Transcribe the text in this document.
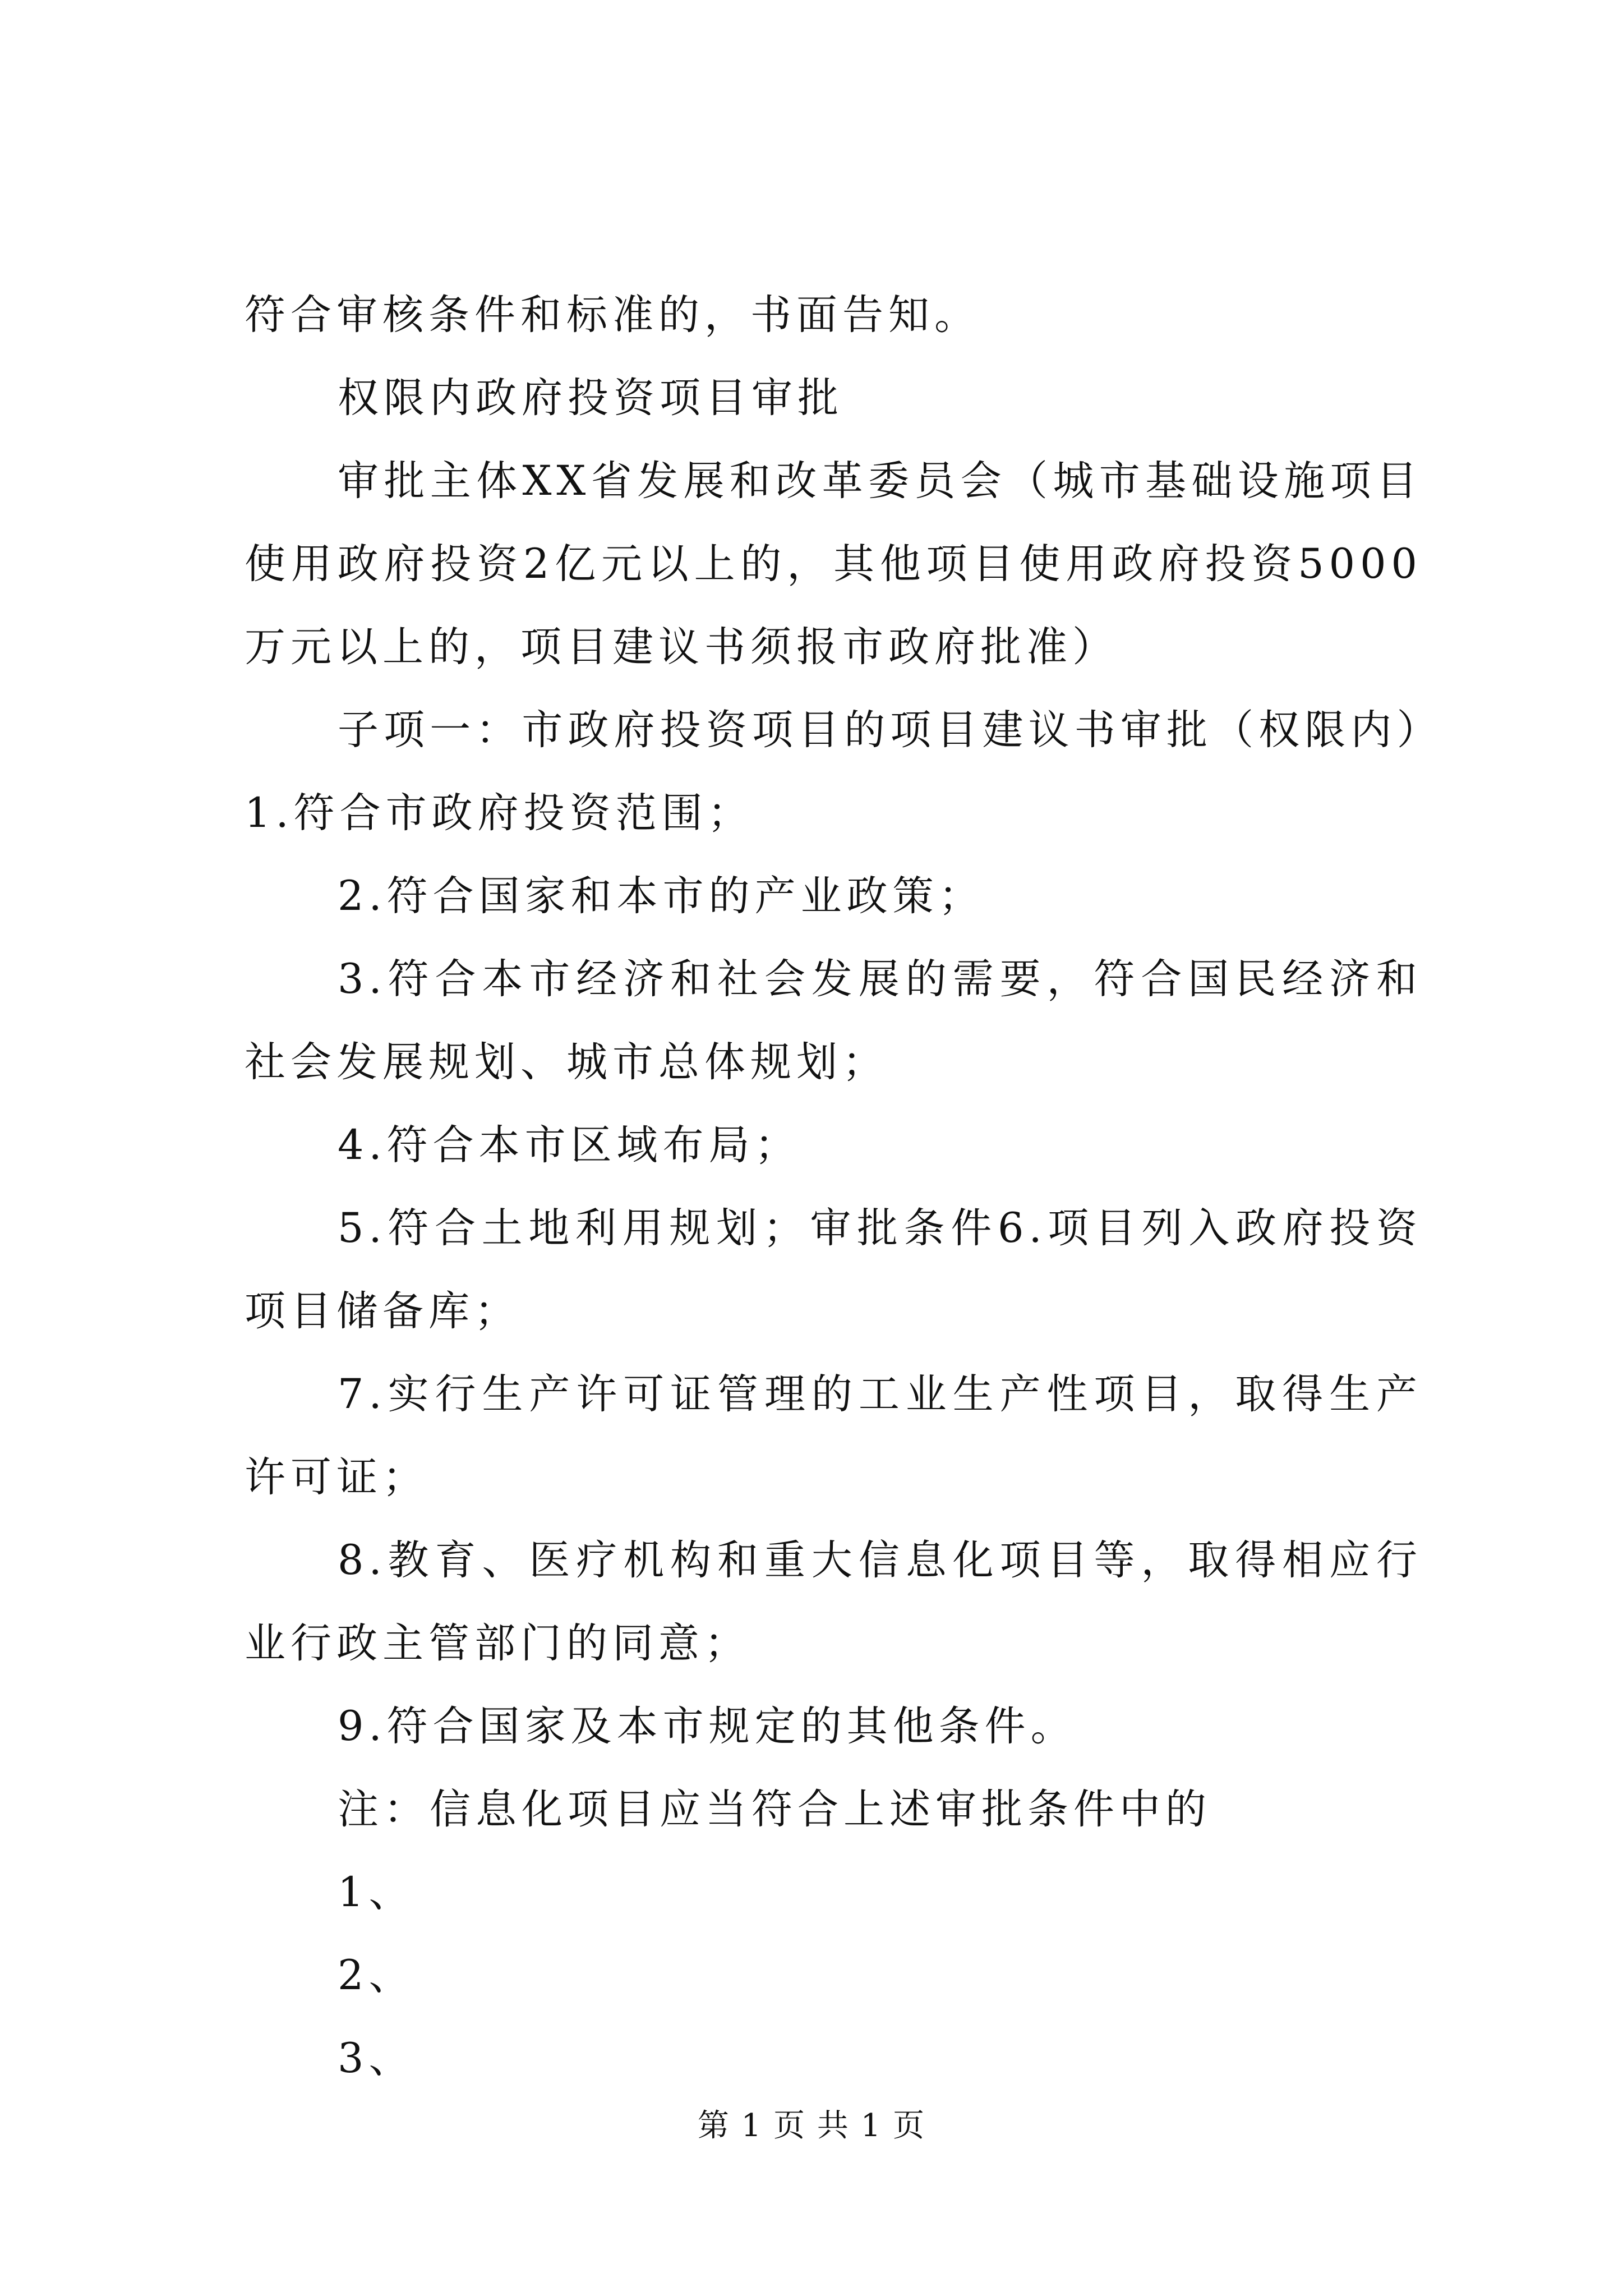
符合审核条件和标准的，书面告知。

权限内政府投资项目审批

审批主体XX省发展和改革委员会（城市基础设施项目使用政府投资2亿元以上的，其他项目使用政府投资5000万元以上的，项目建议书须报市政府批准）

子项一：市政府投资项目的项目建议书审批（权限内）1.符合市政府投资范围；

2.符合国家和本市的产业政策；

3.符合本市经济和社会发展的需要，符合国民经济和社会发展规划、城市总体规划；

4.符合本市区域布局；

5.符合土地利用规划；审批条件6.项目列入政府投资项目储备库；

7.实行生产许可证管理的工业生产性项目，取得生产许可证；

8.教育、医疗机构和重大信息化项目等，取得相应行业行政主管部门的同意；

9.符合国家及本市规定的其他条件。

注：信息化项目应当符合上述审批条件中的

1、

2、

3、

第 1 页 共 1 页
